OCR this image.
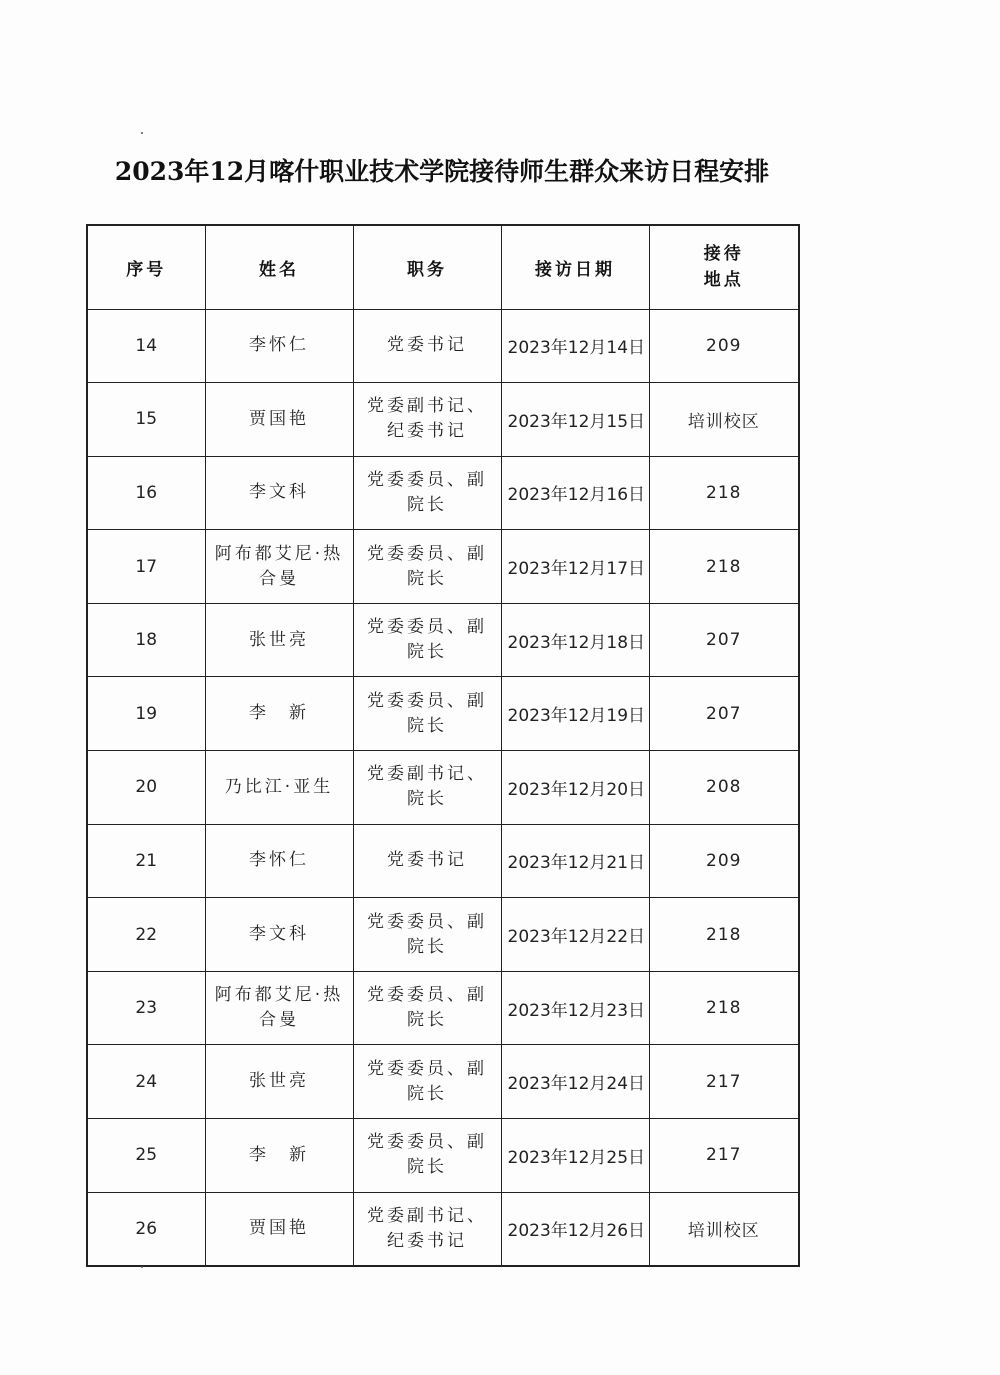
2023年12月喀什职业技术学院接待师生群众来访日程安排
序号	姓名	职务	接访日期	接待
地点
14	李怀仁	党委书记	2023年12月14日	209
15	贾国艳	党委副书记、纪委书记	2023年12月15日	培训校区
16	李文科	党委委员、副院长	2023年12月16日	218
17	阿布都艾尼·热合曼	党委委员、副院长	2023年12月17日	218
18	张世亮	党委委员、副院长	2023年12月18日	207
19	李　新	党委委员、副院长	2023年12月19日	207
20	乃比江·亚生	党委副书记、院长	2023年12月20日	208
21	李怀仁	党委书记	2023年12月21日	209
22	李文科	党委委员、副院长	2023年12月22日	218
23	阿布都艾尼·热合曼	党委委员、副院长	2023年12月23日	218
24	张世亮	党委委员、副院长	2023年12月24日	217
25	李　新	党委委员、副院长	2023年12月25日	217
26	贾国艳	党委副书记、纪委书记	2023年12月26日	培训校区
